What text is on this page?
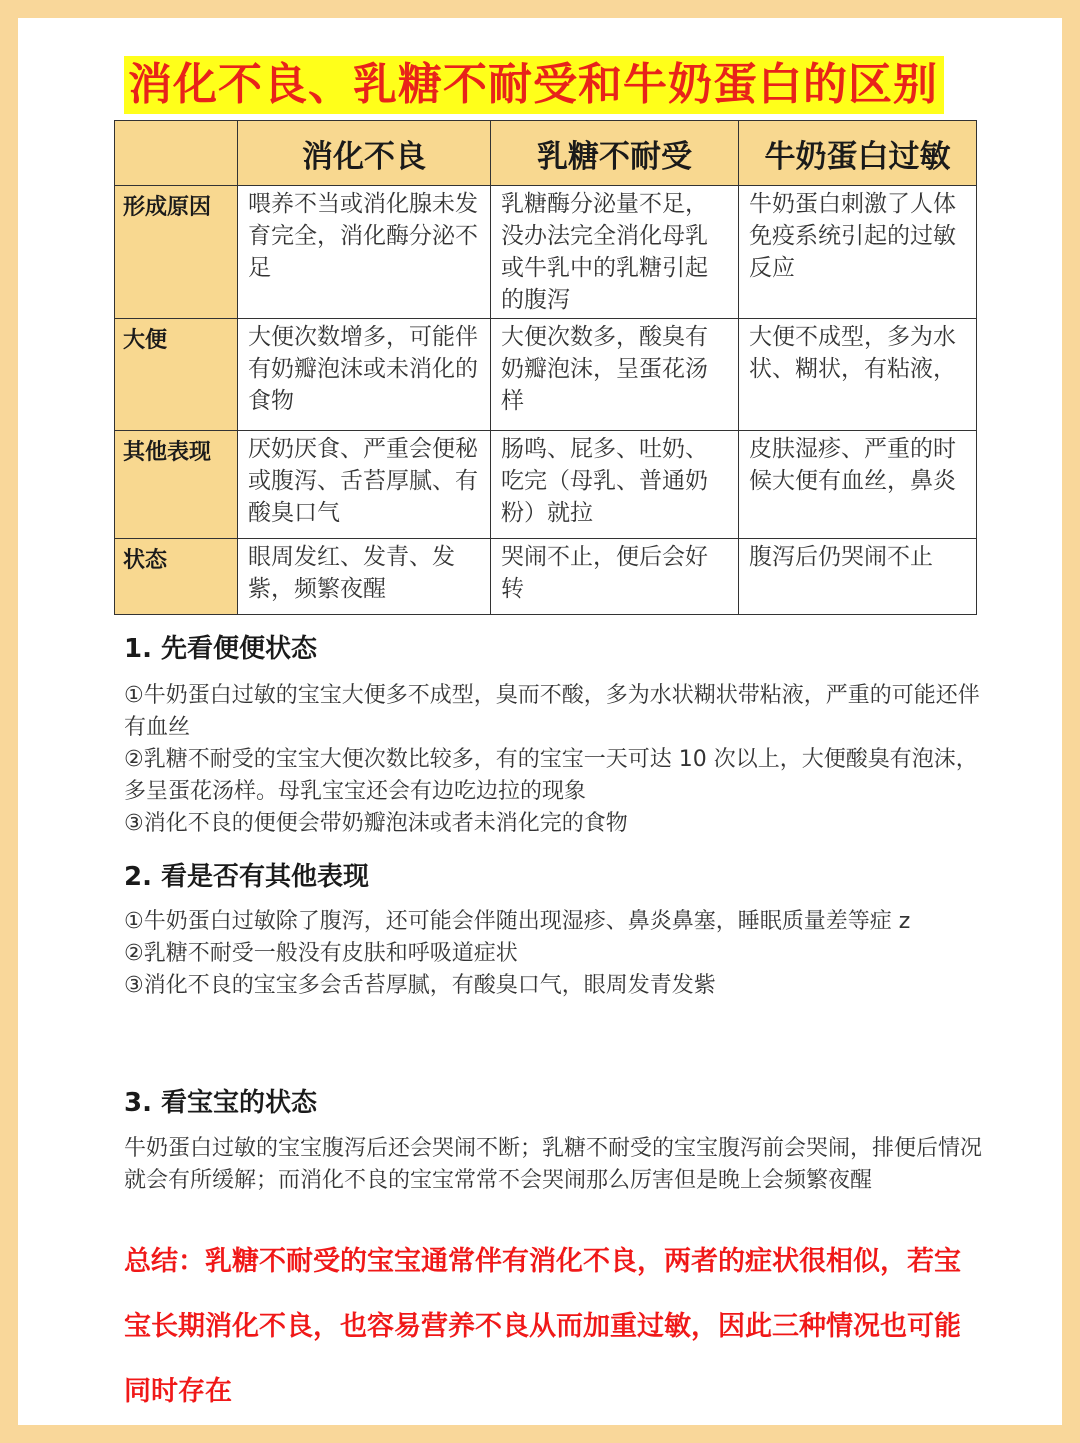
消化不良、乳糖不耐受和牛奶蛋白的区别
	消化不良	乳糖不耐受	牛奶蛋白过敏
形成原因	喂养不当或消化腺未发育完全，消化酶分泌不足	乳糖酶分泌量不足，没办法完全消化母乳或牛乳中的乳糖引起的腹泻	牛奶蛋白刺激了人体免疫系统引起的过敏反应
大便	大便次数增多，可能伴有奶瓣泡沫或未消化的食物	大便次数多，酸臭有奶瓣泡沫，呈蛋花汤样	大便不成型，多为水状、糊状，有粘液，
其他表现	厌奶厌食、严重会便秘或腹泻、舌苔厚腻、有酸臭口气	肠鸣、屁多、吐奶、吃完（母乳、普通奶粉）就拉	皮肤湿疹、严重的时候大便有血丝，鼻炎
状态	眼周发红、发青、发紫，频繁夜醒	哭闹不止，便后会好转	腹泻后仍哭闹不止
1. 先看便便状态

①牛奶蛋白过敏的宝宝大便多不成型，臭而不酸，多为水状糊状带粘液，严重的可能还伴有血丝

②乳糖不耐受的宝宝大便次数比较多，有的宝宝一天可达 10 次以上，大便酸臭有泡沫，多呈蛋花汤样。母乳宝宝还会有边吃边拉的现象

③消化不良的便便会带奶瓣泡沫或者未消化完的食物

2. 看是否有其他表现

①牛奶蛋白过敏除了腹泻，还可能会伴随出现湿疹、鼻炎鼻塞，睡眠质量差等症 z

②乳糖不耐受一般没有皮肤和呼吸道症状

③消化不良的宝宝多会舌苔厚腻，有酸臭口气，眼周发青发紫

3. 看宝宝的状态

牛奶蛋白过敏的宝宝腹泻后还会哭闹不断；乳糖不耐受的宝宝腹泻前会哭闹，排便后情况就会有所缓解；而消化不良的宝宝常常不会哭闹那么厉害但是晚上会频繁夜醒

总结：乳糖不耐受的宝宝通常伴有消化不良，两者的症状很相似，若宝宝长期消化不良，也容易营养不良从而加重过敏，因此三种情况也可能同时存在
